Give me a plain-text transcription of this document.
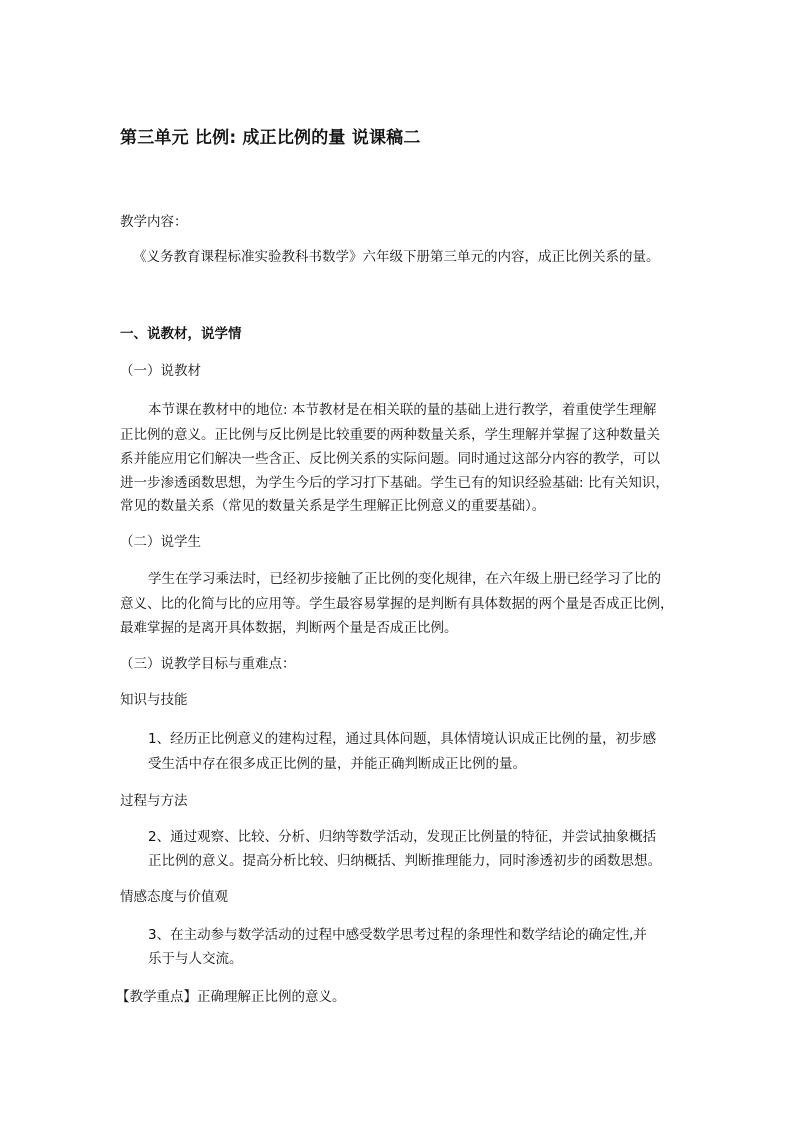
第三单元 比例: 成正比例的量 说课稿二

教学内容：

《义务教育课程标准实验教科书数学》六年级下册第三单元的内容，成正比例关系的量。

一、说教材，说学情

（一）说教材

本节课在教材中的地位: 本节教材是在相关联的量的基础上进行教学，着重使学生理解

正比例的意义。正比例与反比例是比较重要的两种数量关系，学生理解并掌握了这种数量关

系并能应用它们解决一些含正、反比例关系的实际问题。同时通过这部分内容的教学，可以

进一步渗透函数思想，为学生今后的学习打下基础。学生已有的知识经验基础: 比有关知识，

常见的数量关系（常见的数量关系是学生理解正比例意义的重要基础）。

（二）说学生

学生在学习乘法时，已经初步接触了正比例的变化规律，在六年级上册已经学习了比的

意义、比的化简与比的应用等。学生最容易掌握的是判断有具体数据的两个量是否成正比例，

最难掌握的是离开具体数据，判断两个量是否成正比例。

（三）说教学目标与重难点：

知识与技能

1、经历正比例意义的建构过程，通过具体问题，具体情境认识成正比例的量，初步感

受生活中存在很多成正比例的量，并能正确判断成正比例的量。

过程与方法

2、通过观察、比较、分析、归纳等数学活动，发现正比例量的特征，并尝试抽象概括

正比例的意义。提高分析比较、归纳概括、判断推理能力，同时渗透初步的函数思想。

情感态度与价值观

3、在主动参与数学活动的过程中感受数学思考过程的条理性和数学结论的确定性,并

乐于与人交流。

【教学重点】正确理解正比例的意义。
